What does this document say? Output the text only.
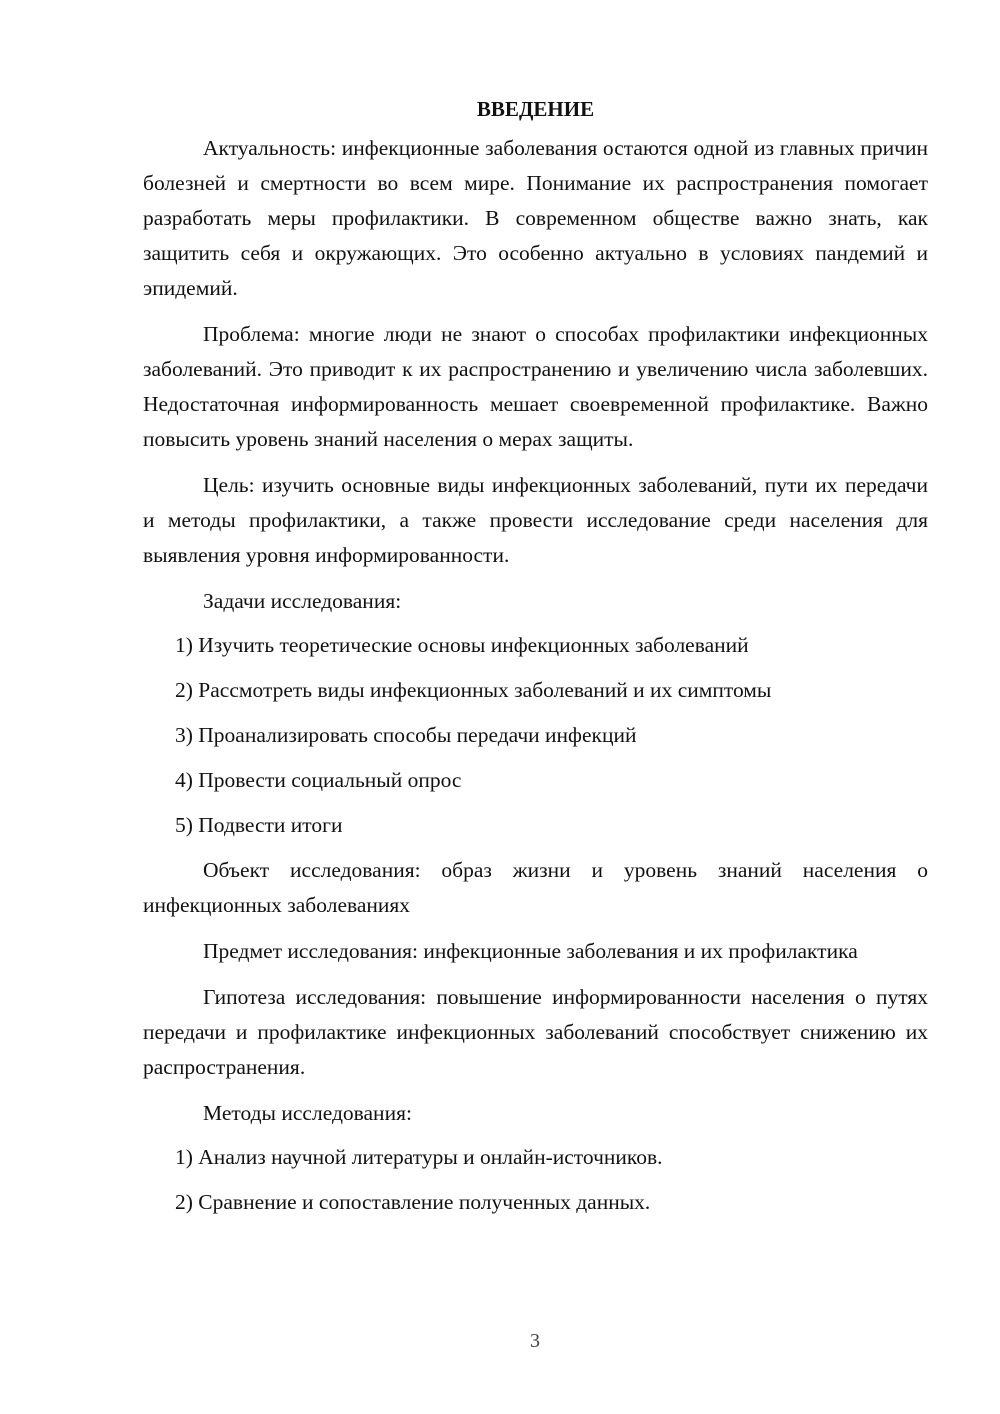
ВВЕДЕНИЕ

Актуальность: инфекционные заболевания остаются одной из главных причин болезней и смертности во всем мире. Понимание их распространения помогает разработать меры профилактики. В современном обществе важно знать, как защитить себя и окружающих. Это особенно актуально в условиях пандемий и эпидемий.

Проблема: многие люди не знают о способах профилактики инфекционных заболеваний. Это приводит к их распространению и увеличению числа заболевших. Недостаточная информированность мешает своевременной профилактике. Важно повысить уровень знаний населения о мерах защиты.

Цель: изучить основные виды инфекционных заболеваний, пути их передачи и методы профилактики, а также провести исследование среди населения для выявления уровня информированности.

Задачи исследования:

1) Изучить теоретические основы инфекционных заболеваний

2) Рассмотреть виды инфекционных заболеваний и их симптомы

3) Проанализировать способы передачи инфекций

4) Провести социальный опрос

5) Подвести итоги

Объект исследования: образ жизни и уровень знаний населения о инфекционных заболеваниях

Предмет исследования: инфекционные заболевания и их профилактика

Гипотеза исследования: повышение информированности населения о путях передачи и профилактике инфекционных заболеваний способствует снижению их распространения.

Методы исследования:

1) Анализ научной литературы и онлайн-источников.

2) Сравнение и сопоставление полученных данных.

3
